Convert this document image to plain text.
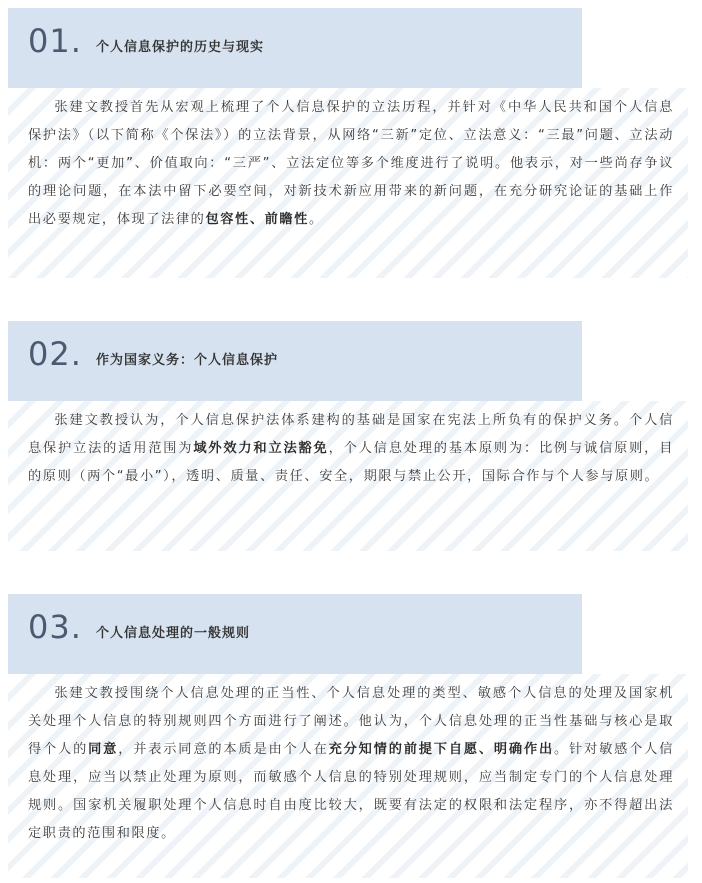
01. 个人信息保护的历史与现实

张建文教授首先从宏观上梳理了个人信息保护的立法历程，并针对《中华人民共和国个人信息保护法》（以下简称《个保法》）的立法背景，从网络“三新”定位、立法意义：“三最”问题、立法动机：两个“更加”、价值取向：“三严”、立法定位等多个维度进行了说明。他表示，对一些尚存争议的理论问题，在本法中留下必要空间，对新技术新应用带来的新问题，在充分研究论证的基础上作出必要规定，体现了法律的包容性、前瞻性。

02. 作为国家义务：个人信息保护

张建文教授认为，个人信息保护法体系建构的基础是国家在宪法上所负有的保护义务。个人信息保护立法的适用范围为域外效力和立法豁免，个人信息处理的基本原则为：比例与诚信原则，目的原则（两个“最小”），透明、质量、责任、安全，期限与禁止公开，国际合作与个人参与原则。

03. 个人信息处理的一般规则

张建文教授围绕个人信息处理的正当性、个人信息处理的类型、敏感个人信息的处理及国家机关处理个人信息的特别规则四个方面进行了阐述。他认为，个人信息处理的正当性基础与核心是取得个人的同意，并表示同意的本质是由个人在充分知情的前提下自愿、明确作出。针对敏感个人信息处理，应当以禁止处理为原则，而敏感个人信息的特别处理规则，应当制定专门的个人信息处理规则。国家机关履职处理个人信息时自由度比较大，既要有法定的权限和法定程序，亦不得超出法定职责的范围和限度。
